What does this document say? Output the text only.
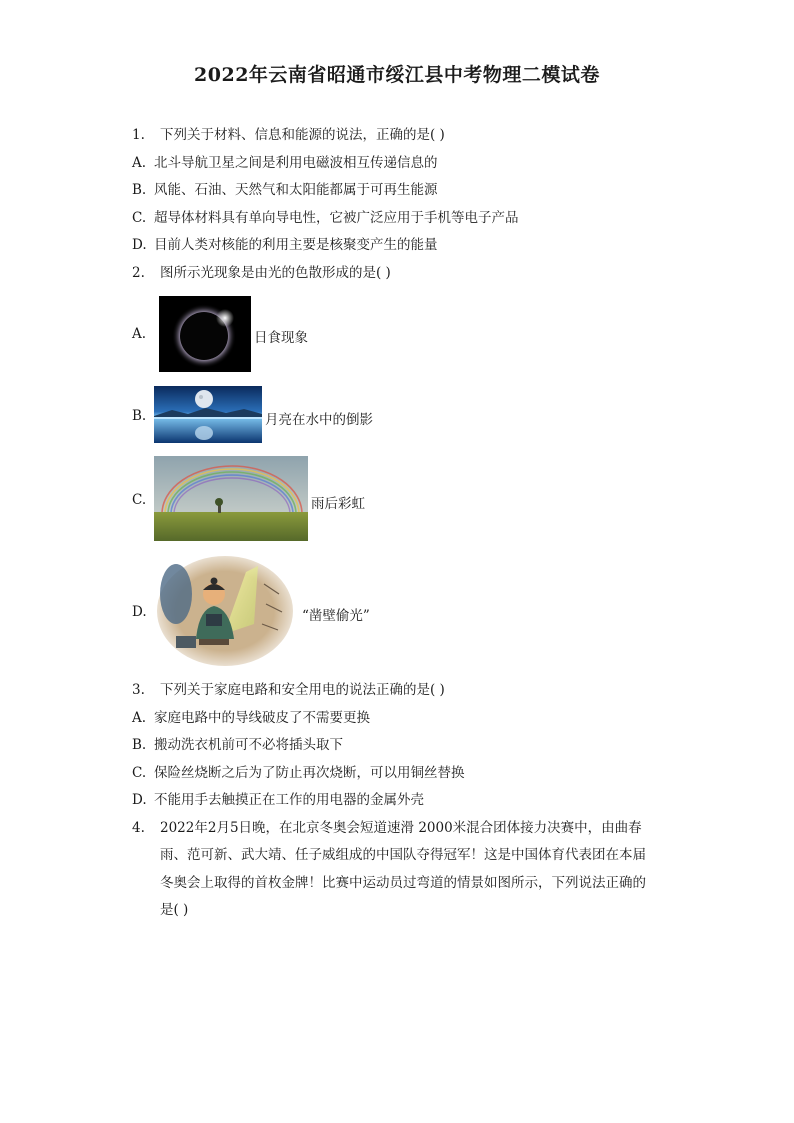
2022年云南省昭通市绥江县中考物理二模试卷
1. 下列关于材料、信息和能源的说法，正确的是( )
A. 北斗导航卫星之间是利用电磁波相互传递信息的
B. 风能、石油、天然气和太阳能都属于可再生能源
C. 超导体材料具有单向导电性，它被广泛应用于手机等电子产品
D. 目前人类对核能的利用主要是核聚变产生的能量
2. 图所示光现象是由光的色散形成的是( )
A.	日食现象
B.	月亮在水中的倒影
C.	雨后彩虹
D.	“凿壁偷光”
3. 下列关于家庭电路和安全用电的说法正确的是( )
A. 家庭电路中的导线破皮了不需要更换
B. 搬动洗衣机前可不必将插头取下
C. 保险丝烧断之后为了防止再次烧断，可以用铜丝替换
D. 不能用手去触摸正在工作的用电器的金属外壳
4. 2022年2月5日晚，在北京冬奥会短道速滑 2000米混合团体接力决赛中，由曲春
雨、范可新、武大靖、任子威组成的中国队夺得冠军！这是中国体育代表团在本届
冬奥会上取得的首枚金牌！比赛中运动员过弯道的情景如图所示，下列说法正确的
是( )
